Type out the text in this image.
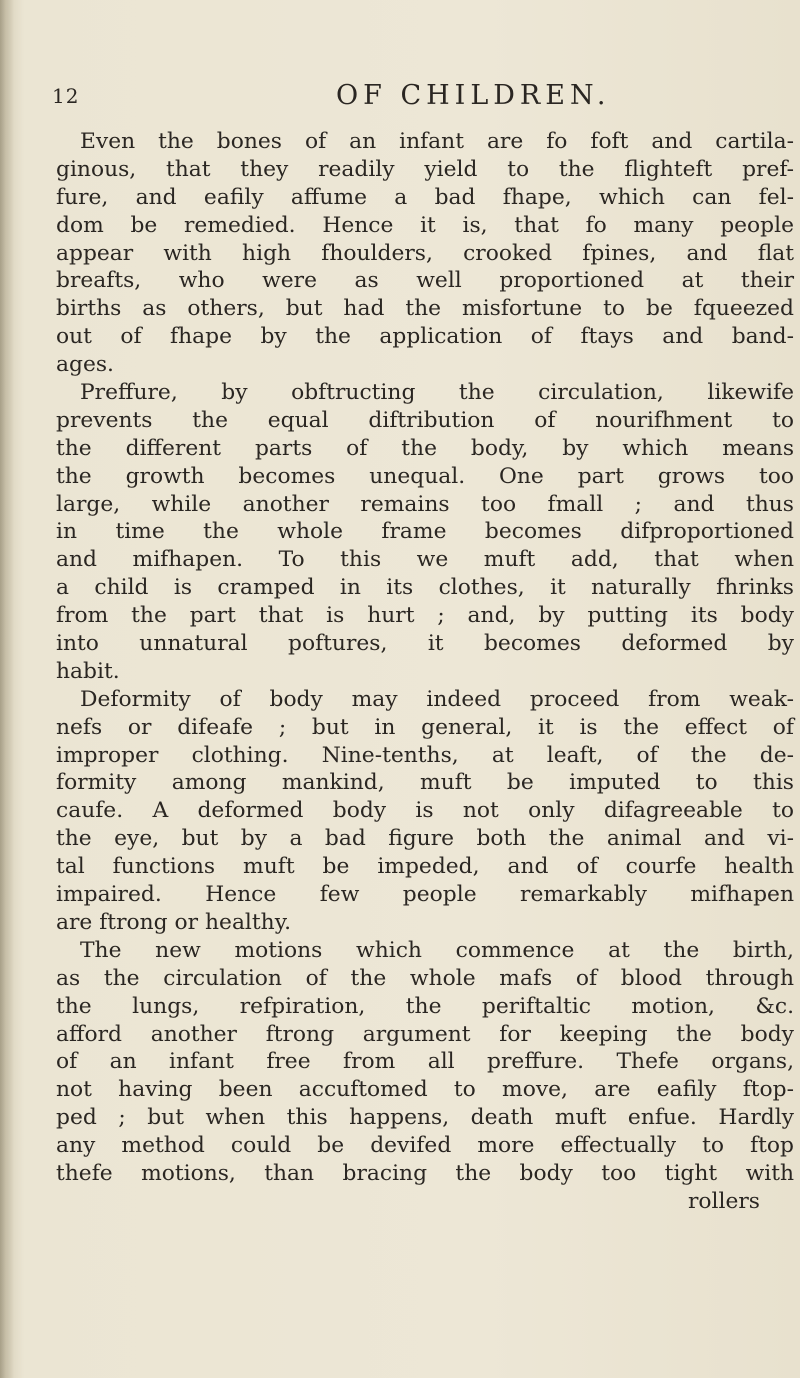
12	OF CHILDREN.
Even the bones of an infant are fo foft and cartila-
ginous, that they readily yield to the flighteft pref-
fure, and eafily affume a bad fhape, which can fel-
dom be remedied. Hence it is, that fo many people
appear with high fhoulders, crooked fpines, and flat
breafts, who were as well proportioned at their
births as others, but had the misfortune to be fqueezed
out of fhape by the application of ftays and band-
ages.
Preffure, by obftructing the circulation, likewife
prevents the equal diftribution of nourifhment to
the different parts of the body, by which means
the growth becomes unequal. One part grows too
large, while another remains too fmall ; and thus
in time the whole frame becomes difproportioned
and mifhapen. To this we muft add, that when
a child is cramped in its clothes, it naturally fhrinks
from the part that is hurt ; and, by putting its body
into unnatural poftures, it becomes deformed by
habit.
Deformity of body may indeed proceed from weak-
nefs or difeafe ; but in general, it is the effect of
improper clothing. Nine-tenths, at leaft, of the de-
formity among mankind, muft be imputed to this
caufe. A deformed body is not only difagreeable to
the eye, but by a bad figure both the animal and vi-
tal functions muft be impeded, and of courfe health
impaired. Hence few people remarkably mifhapen
are ftrong or healthy.
The new motions which commence at the birth,
as the circulation of the whole mafs of blood through
the lungs, refpiration, the periftaltic motion, &c.
afford another ftrong argument for keeping the body
of an infant free from all preffure. Thefe organs,
not having been accuftomed to move, are eafily ftop-
ped ; but when this happens, death muft enfue. Hardly
any method could be devifed more effectually to ftop
thefe motions, than bracing the body too tight with
rollers
